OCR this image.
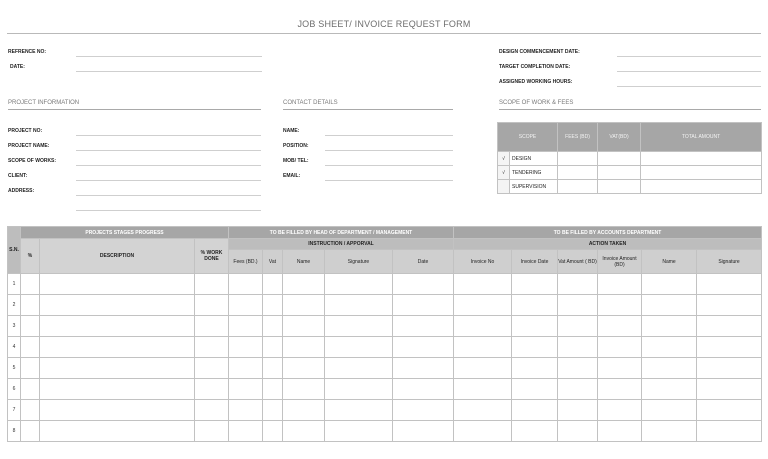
JOB SHEET/ INVOICE REQUEST FORM
REFRENCE NO:
DATE:
DESIGN COMMENCEMENT DATE:
TARGET COMPLETION DATE:
ASSIGNED WORKING HOURS:
PROJECT INFORMATION	CONTACT DETAILS	SCOPE OF WORK & FEES
PROJECT NO:
PROJECT NAME:
SCOPE OF WORKS:
CLIENT:
ADDRESS:
NAME:
POSITION:
MOB/ TEL:
EMAIL:
SCOPE		FEES (BD)	VAT(BD)	TOTAL AMOUNT
√	DESIGN			
√	TENDERING			
	SUPERVISION			
S.N.	PROJECTS STAGES PROGRESS			TO BE FILLED BY HEAD OF DEPARTMENT / MANAGEMENT					TO BE FILLED BY ACCOUNTS DEPARTMENT					
	%	DESCRIPTION	% WORK DONE	INSTRUCTION / APPORVAL					ACTION TAKEN					
				Fees (BD.)	Vat	Name	Signature	Date	Invoice No	Invoice Date	Vat Amount ( BD)	Invoice Amount (BD)	Name	Signature
1														
2														
3														
4														
5														
6														
7														
8														
